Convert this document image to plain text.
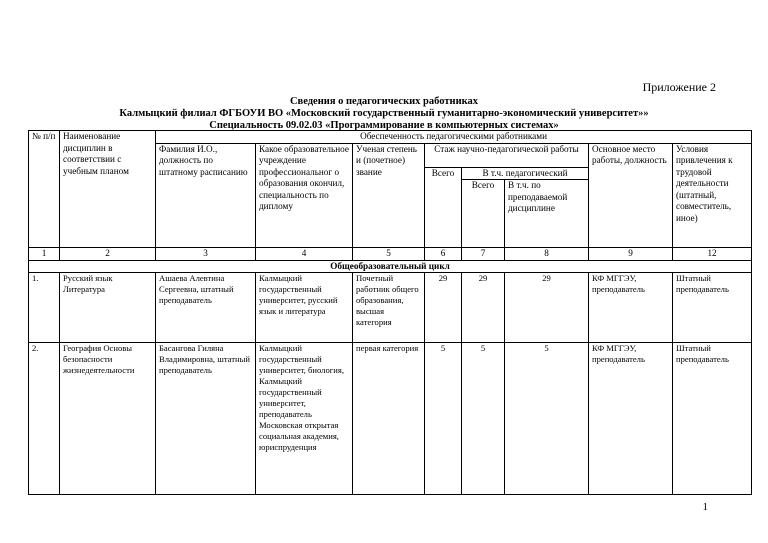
Приложение 2
Сведения о педагогических работниках
Калмыцкий филиал ФГБОУИ ВО «Московский государственный гуманитарно-экономический университет»»
Специальность 09.02.03 «Программирование в компьютерных системах»
№ п/п	Наименование дисциплин в соответствии с учебным планом	Обеспеченность педагогическими работниками							
		Фамилия И.О., должность по штатному расписанию	Какое образовательное учреждение профессиональног о образования окончил, специальность по диплому	Ученая степень и (почетное) звание	Стаж научно-педагогической работы			Основное место работы, должность	Условия привлечения к трудовой деятельности (штатный, совместитель, иное)
					Всего	В т.ч. педагогический			
						Всего	В т.ч. по преподаваемой дисциплине		
1	2	3	4	5	6	7	8	9	12
Общеобразовательный цикл									
1.	Русский язык Литература	Ашаева Алевтина Сергеевна, штатный преподаватель	Калмыцкий государственный университет, русский язык и литература	Почетный работник общего образования, высшая категория	29	29	29	КФ МГГЭУ, преподаватель	Штатный преподаватель
2.	География Основы безопасности жизнедеятельности	Басангова Гиляна Владимировна, штатный преподаватель	Калмыцкий государственный университет, биология, Калмыцкий государственный университет, преподаватель Московская открытая социальная академия, юриспруденция	первая категория	5	5	5	КФ МГГЭУ, преподаватель	Штатный преподаватель
1
